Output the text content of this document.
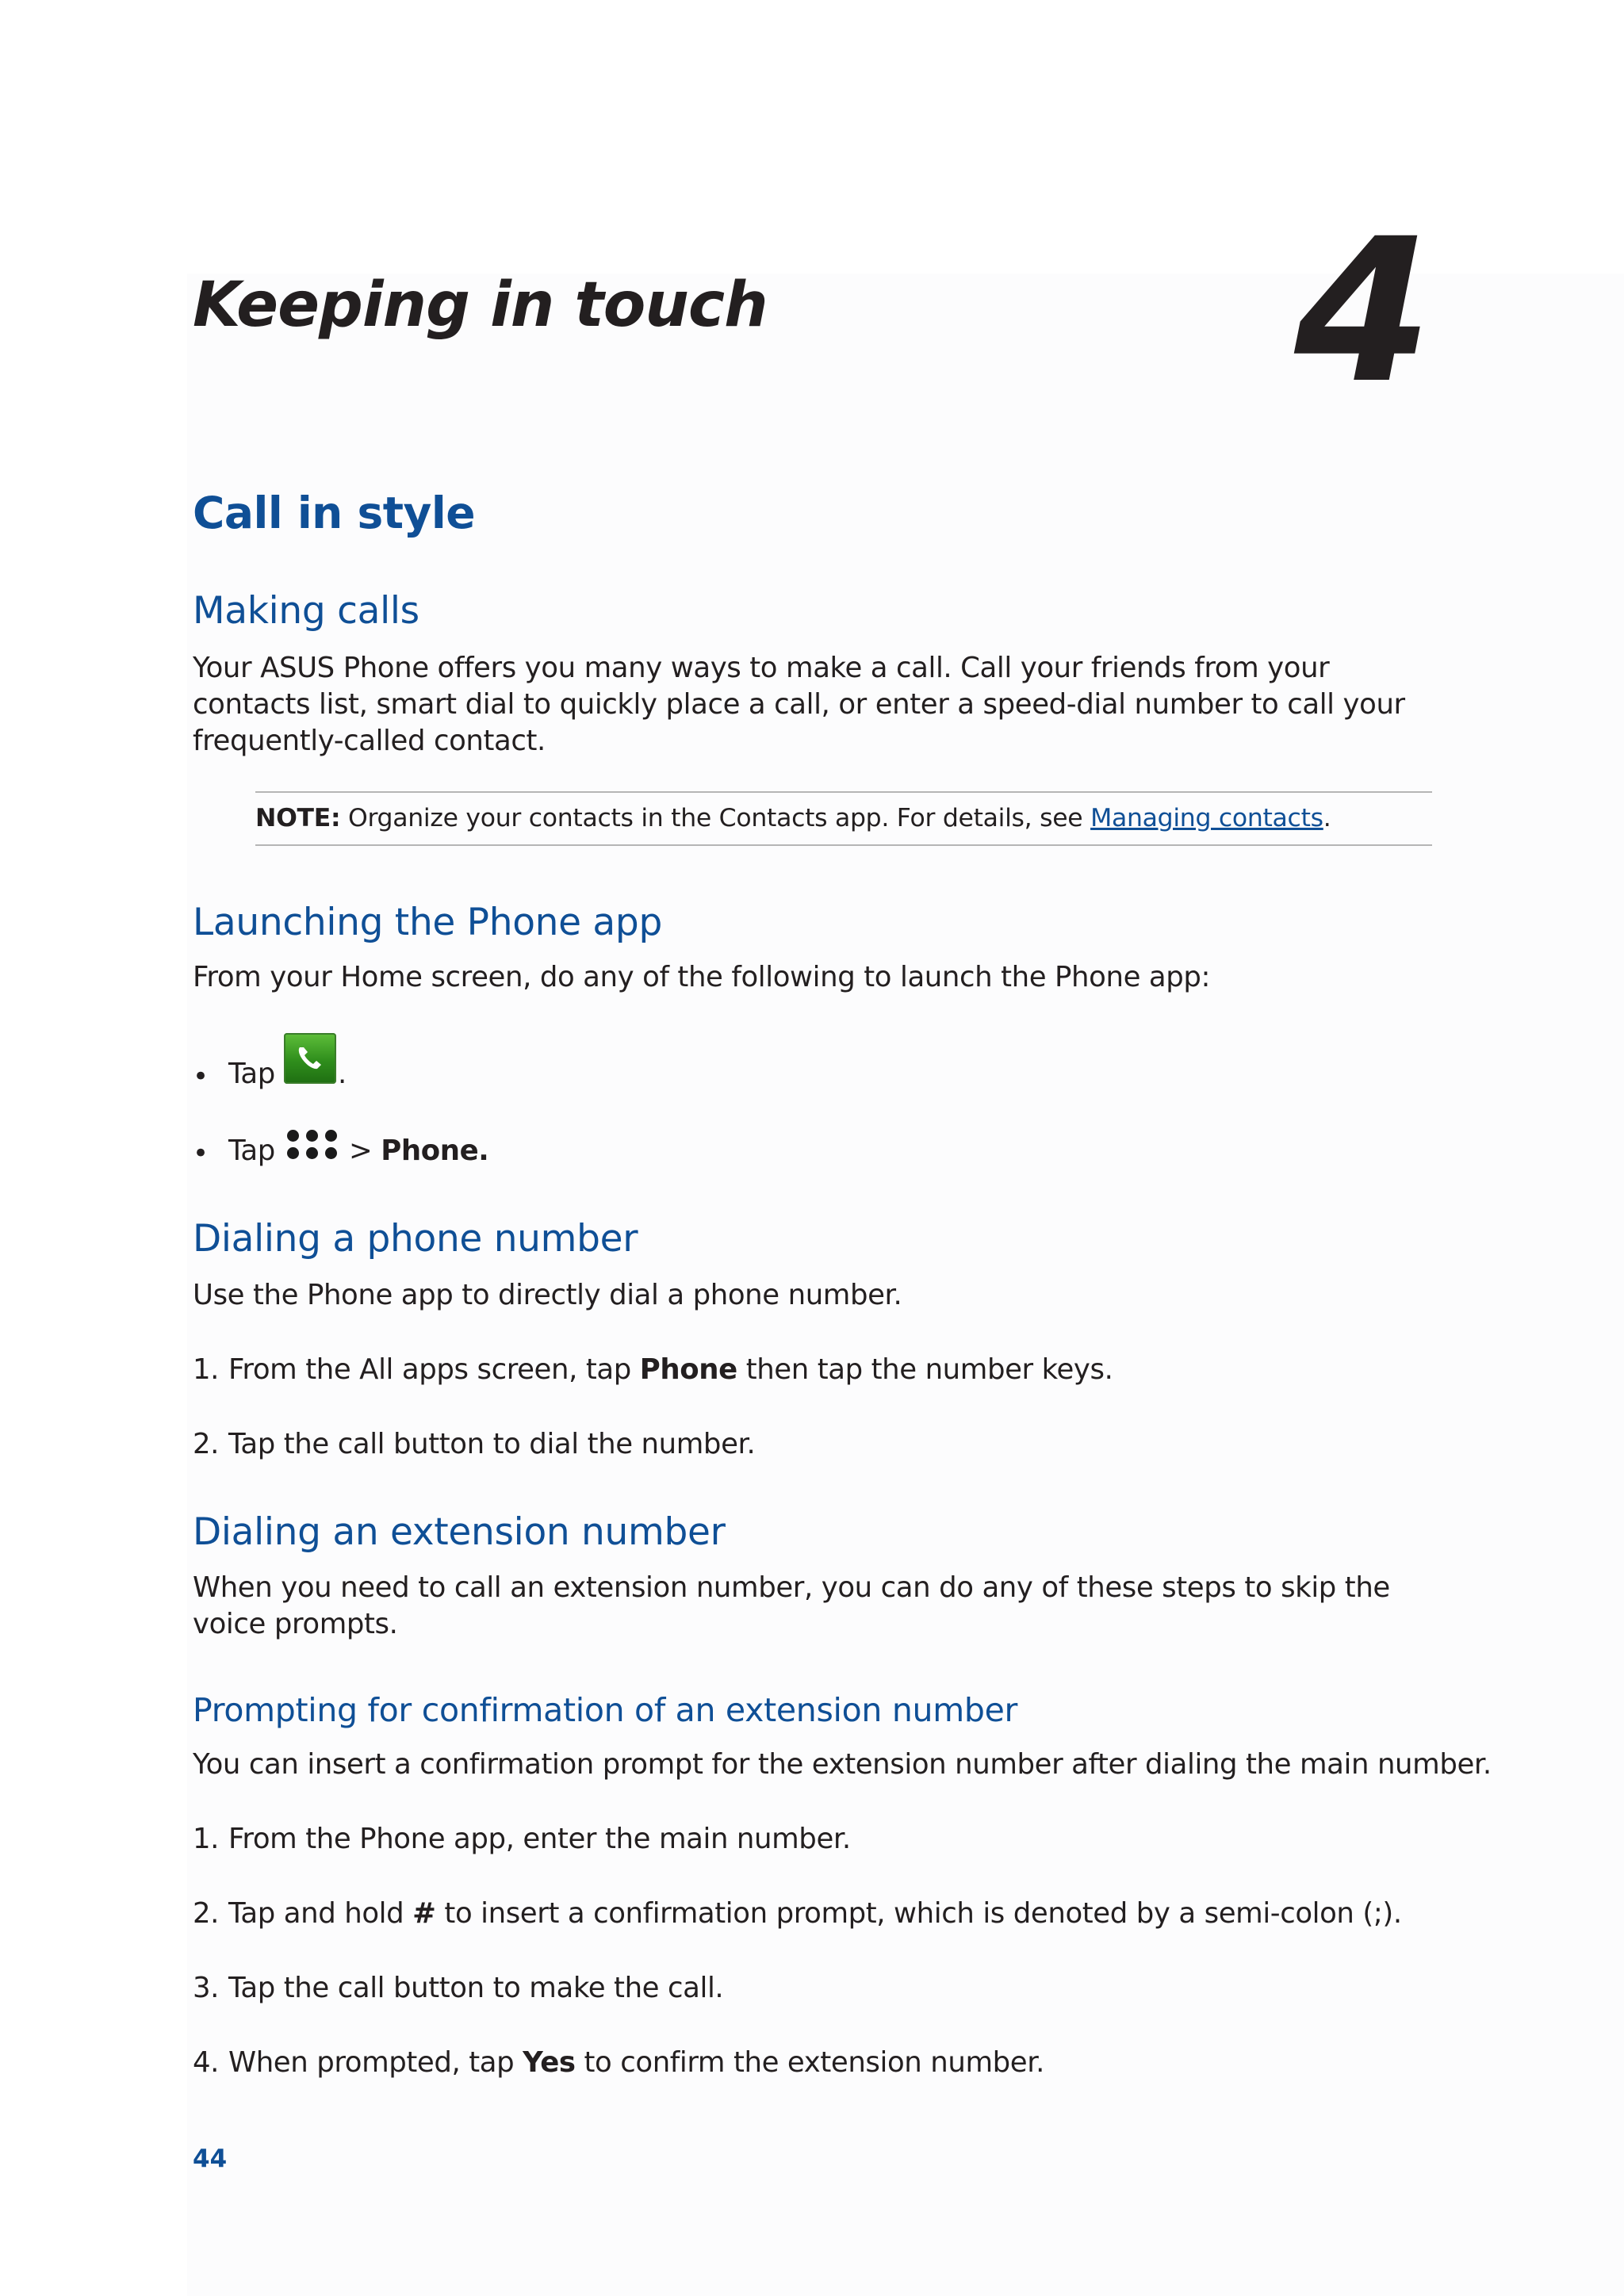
Keeping in touch	4
Call in style
Making calls
Your ASUS Phone offers you many ways to make a call. Call your friends from your contacts list, smart dial to quickly place a call, or enter a speed-dial number to call your frequently-called contact.
NOTE: Organize your contacts in the Contacts app. For details, see Managing contacts.
Launching the Phone app
From your Home screen, do any of the following to launch the Phone app:
• Tap .
• Tap	> Phone.
Dialing a phone number
Use the Phone app to directly dial a phone number.
1. From the All apps screen, tap Phone then tap the number keys.
2. Tap the call button to dial the number.
Dialing an extension number
When you need to call an extension number, you can do any of these steps to skip the voice prompts.
Prompting for confirmation of an extension number
You can insert a confirmation prompt for the extension number after dialing the main number.
1. From the Phone app, enter the main number.
2. Tap and hold # to insert a confirmation prompt, which is denoted by a semi-colon (;).
3. Tap the call button to make the call.
4. When prompted, tap Yes to confirm the extension number.
44
